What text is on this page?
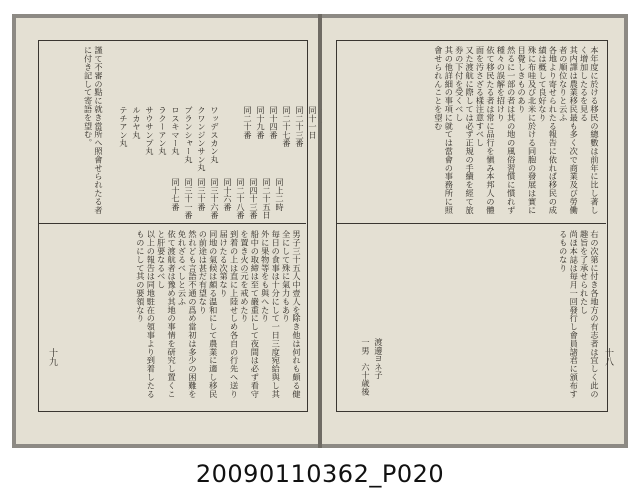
同十一日
同二十三番
同二十七番
同十四番
同十九番
同二十番

同上二時
同二十五日
同四十三番
同二十八番
同十六番
同三十六番
同三十番
同三十一番
同十七番

ワッデスカン丸
クワンジンサン丸
ブランシャー丸
ロスキマー丸
ラクーアン丸
サウサンプ丸
ルカヤ丸
テチアン丸

謹て不審の點に就き當所へ照會せられたる者に付き記して寄語を望む。
男子三十五人中壹人を除き他は何れも頗る健全にして殊に氣力もあり
毎日の食事は十分にして一日三度宛給與し其外に果物等をも與へたり
船中の取締は至て嚴重にして夜間は必ず看守を置き火の元を戒めたり
到着の上は直に上陸せしめ各自の行先へ送り届けたる次第なり
同地の氣候は頗る温和にして農業に適し移民の前途は甚だ有望なり
然れども言語不通の爲め當初は多少の困難を免れざるべしと云ふ
依て渡航者は豫め其地の事情を研究し置くこと肝要なるべし
以上の報告は同地駐在の領事より到着したるものにして其の要領なり
十九
本年度に於ける移民の總數は前年に比し著しく增加したるを見る
其内譯は農業移民最も多く次で商業及び勞働者の順位なりと云ふ
各地より寄せられたる報告に依れば移民の成績は概して良好なり
殊に布哇及び北米に於ける同胞の發展は實に目覺しきものあり
然るに一部の者は其の地の風俗習慣に慣れず種々の誤解を招けり
依て移民たる者は常に品行を愼み本邦人の體面を汚さざる樣注意すべし
又た渡航に際しては必ず正規の手續を經て旅券の下付を受くべし
其の他詳細の事項に就ては當會の事務所に照會せられんことを望む
右の次第に付き各地方の有志者は宜しく此の趣旨を了承せられたし
尚ほ本誌は毎月一回發行し會員諸君に頒布するものなり

渡邊ヨネ子
一男　六十歳後
	十八
20090110362_P020
